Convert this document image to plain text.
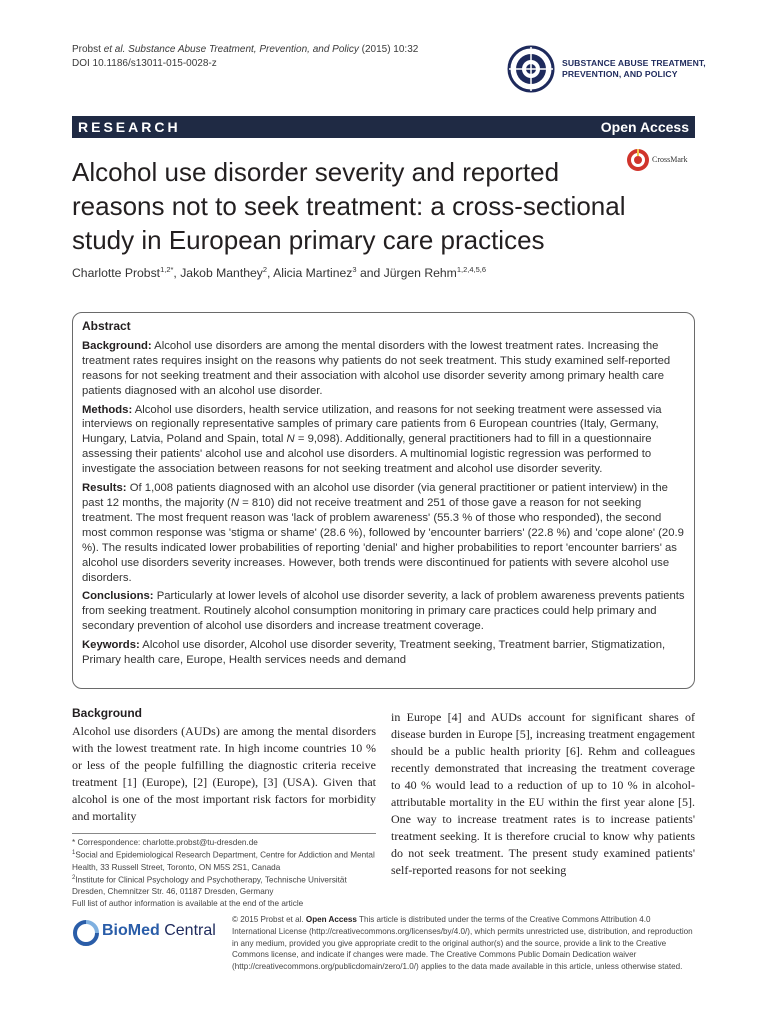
Probst et al. Substance Abuse Treatment, Prevention, and Policy (2015) 10:32
DOI 10.1186/s13011-015-0028-z	SUBSTANCE ABUSE TREATMENT,
PREVENTION, AND POLICY
RESEARCH	Open Access
Alcohol use disorder severity and reported reasons not to seek treatment: a cross-sectional study in European primary care practices
CrossMark
Charlotte Probst$^{1,2*}$, Jakob Manthey$^2$, Alicia Martinez$^3$ and Jürgen Rehm$^{1,2,4,5,6}$
Abstract

Background: Alcohol use disorders are among the mental disorders with the lowest treatment rates. Increasing the treatment rates requires insight on the reasons why patients do not seek treatment. This study examined self-reported reasons for not seeking treatment and their association with alcohol use disorder severity among primary health care patients diagnosed with an alcohol use disorder.

Methods: Alcohol use disorders, health service utilization, and reasons for not seeking treatment were assessed via interviews on regionally representative samples of primary care patients from 6 European countries (Italy, Germany, Hungary, Latvia, Poland and Spain, total N = 9,098). Additionally, general practitioners had to fill in a questionnaire assessing their patients' alcohol use and alcohol use disorders. A multinomial logistic regression was performed to investigate the association between reasons for not seeking treatment and alcohol use disorder severity.

Results: Of 1,008 patients diagnosed with an alcohol use disorder (via general practitioner or patient interview) in the past 12 months, the majority (N = 810) did not receive treatment and 251 of those gave a reason for not seeking treatment. The most frequent reason was 'lack of problem awareness' (55.3 % of those who responded), the second most common response was 'stigma or shame' (28.6 %), followed by 'encounter barriers' (22.8 %) and 'cope alone' (20.9 %). The results indicated lower probabilities of reporting 'denial' and higher probabilities to report 'encounter barriers' as alcohol use disorders severity increases. However, both trends were discontinued for patients with severe alcohol use disorders.

Conclusions: Particularly at lower levels of alcohol use disorder severity, a lack of problem awareness prevents patients from seeking treatment. Routinely alcohol consumption monitoring in primary care practices could help primary and secondary prevention of alcohol use disorders and increase treatment coverage.

Keywords: Alcohol use disorder, Alcohol use disorder severity, Treatment seeking, Treatment barrier, Stigmatization, Primary health care, Europe, Health services needs and demand

Background
Alcohol use disorders (AUDs) are among the mental disorders with the lowest treatment rate. In high income countries 10 % or less of the people fulfilling the diagnostic criteria receive treatment [1] (Europe), [2] (Europe), [3] (USA). Given that alcohol is one of the most important risk factors for morbidity and mortality
in Europe [4] and AUDs account for significant shares of disease burden in Europe [5], increasing treatment engagement should be a public health priority [6]. Rehm and colleagues recently demonstrated that increasing the treatment coverage to 40 % would lead to a reduction of up to 10 % in alcohol-attributable mortality in the EU within the first year alone [5]. One way to increase treatment rates is to increase patients' treatment seeking. It is therefore crucial to know why patients do not seek treatment. The present study examined patients' self-reported reasons for not seeking
* Correspondence: charlotte.probst@tu-dresden.de
$^1$Social and Epidemiological Research Department, Centre for Addiction and Mental Health, 33 Russell Street, Toronto, ON M5S 2S1, Canada
$^2$Institute for Clinical Psychology and Psychotherapy, Technische Universität Dresden, Chemnitzer Str. 46, 01187 Dresden, Germany
Full list of author information is available at the end of the article
BioMed Central
© 2015 Probst et al. Open Access This article is distributed under the terms of the Creative Commons Attribution 4.0 International License (http://creativecommons.org/licenses/by/4.0/), which permits unrestricted use, distribution, and reproduction in any medium, provided you give appropriate credit to the original author(s) and the source, provide a link to the Creative Commons license, and indicate if changes were made. The Creative Commons Public Domain Dedication waiver (http://creativecommons.org/publicdomain/zero/1.0/) applies to the data made available in this article, unless otherwise stated.
